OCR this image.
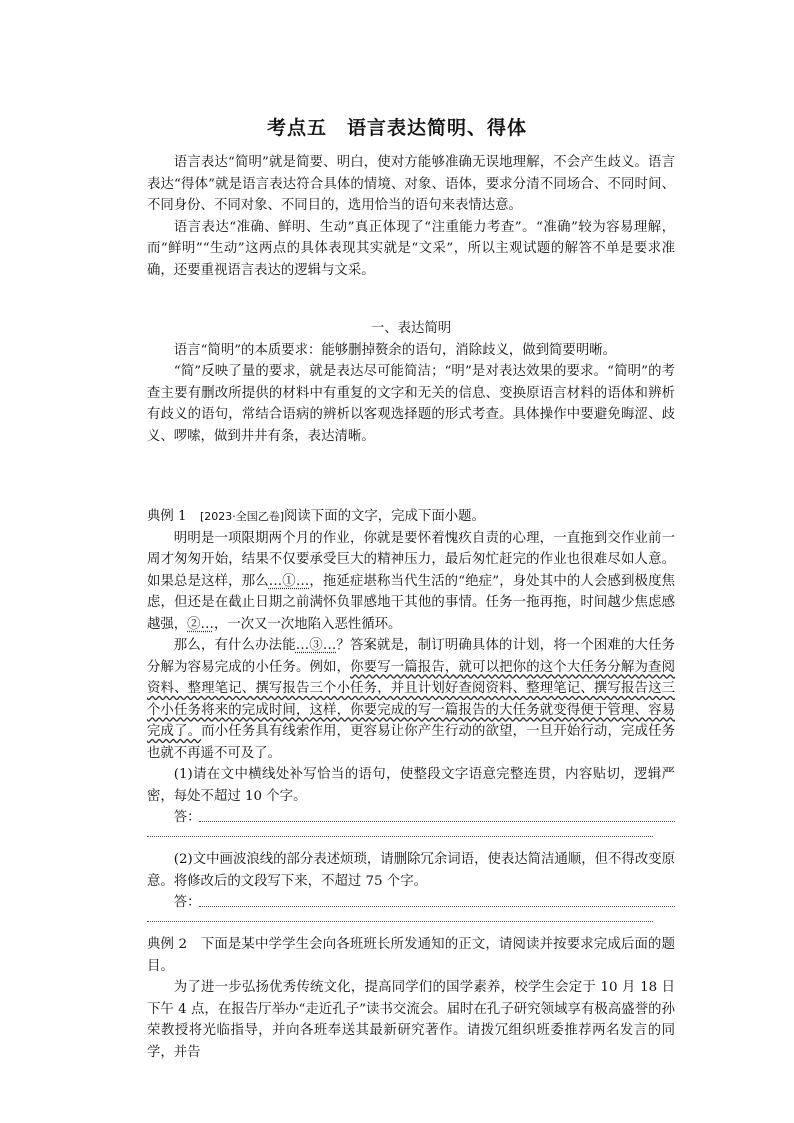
考点五　语言表达简明、得体

语言表达“简明”就是简要、明白，使对方能够准确无误地理解，不会产生歧义。语言表达“得体”就是语言表达符合具体的情境、对象、语体，要求分清不同场合、不同时间、不同身份、不同对象、不同目的，选用恰当的语句来表情达意。

语言表达“准确、鲜明、生动”真正体现了“注重能力考查”。“准确”较为容易理解，而“鲜明”“生动”这两点的具体表现其实就是“文采”，所以主观试题的解答不单是要求准确，还要重视语言表达的逻辑与文采。

一、表达简明

语言“简明”的本质要求：能够删掉赘余的语句，消除歧义，做到简要明晰。

“简”反映了量的要求，就是表达尽可能简洁；“明”是对表达效果的要求。“简明”的考查主要有删改所提供的材料中有重复的文字和无关的信息、变换原语言材料的语体和辨析有歧义的语句，常结合语病的辨析以客观选择题的形式考查。具体操作中要避免晦涩、歧义、啰嗦，做到井井有条，表达清晰。

典例 1　[2023·全国乙卷]阅读下面的文字，完成下面小题。

明明是一项限期两个月的作业，你就是要怀着愧疚自责的心理，一直拖到交作业前一周才匆匆开始，结果不仅要承受巨大的精神压力，最后匆忙赶完的作业也很难尽如人意。如果总是这样，那么…①…，拖延症堪称当代生活的“绝症”，身处其中的人会感到极度焦虑，但还是在截止日期之前满怀负罪感地干其他的事情。任务一拖再拖，时间越少焦虑感越强，②…，一次又一次地陷入恶性循环。

那么，有什么办法能…③…？答案就是，制订明确具体的计划，将一个困难的大任务分解为容易完成的小任务。例如，你要写一篇报告，就可以把你的这个大任务分解为查阅资料、整理笔记、撰写报告三个小任务，并且计划好查阅资料、整理笔记、撰写报告这三个小任务将来的完成时间，这样，你要完成的写一篇报告的大任务就变得便于管理、容易完成了。而小任务具有线索作用，更容易让你产生行动的欲望，一旦开始行动，完成任务也就不再遥不可及了。

(1)请在文中横线处补写恰当的语句，使整段文字语意完整连贯，内容贴切，逻辑严密，每处不超过 10 个字。

答：

(2)文中画波浪线的部分表述烦琐，请删除冗余词语，使表达简洁通顺，但不得改变原意。将修改后的文段写下来，不超过 75 个字。

答：

典例 2　下面是某中学学生会向各班班长所发通知的正文，请阅读并按要求完成后面的题目。

为了进一步弘扬优秀传统文化，提高同学们的国学素养，校学生会定于 10 月 18 日下午 4 点，在报告厅举办“走近孔子”读书交流会。届时在孔子研究领域享有极高盛誉的孙荣教授将光临指导，并向各班奉送其最新研究著作。请拨冗组织班委推荐两名发言的同学，并告
